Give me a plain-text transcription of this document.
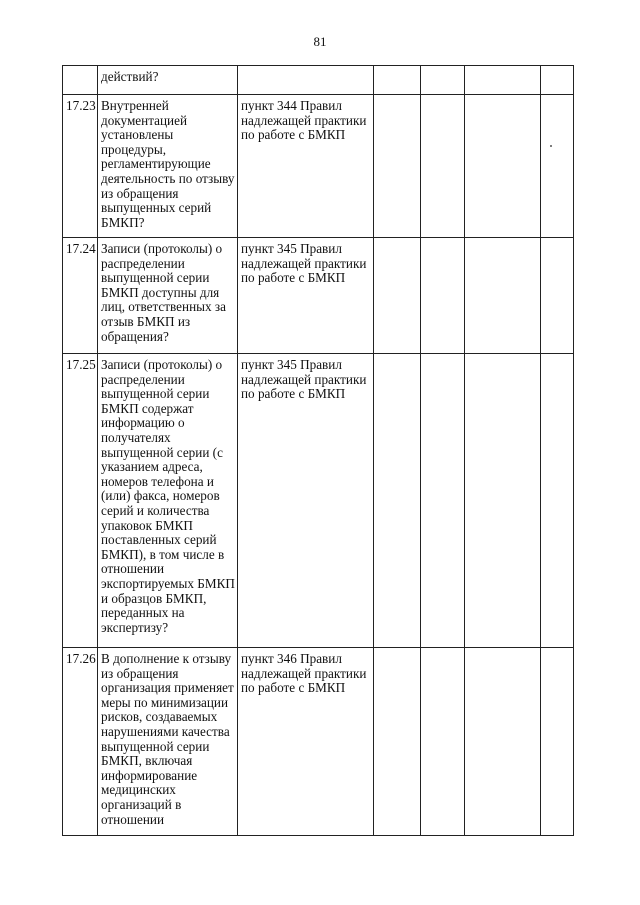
81
	действий?					
17.23	Внутренней документацией установлены процедуры, регламентирующие деятельность по отзыву из обращения выпущенных серий БМКП?	пункт 344 Правил надлежащей практики по работе с БМКП				
17.24	Записи (протоколы) о распределении выпущенной серии БМКП доступны для лиц, ответственных за отзыв БМКП из обращения?	пункт 345 Правил надлежащей практики по работе с БМКП				
17.25	Записи (протоколы) о распределении выпущенной серии БМКП содержат информацию о получателях выпущенной серии (с указанием адреса, номеров телефона и (или) факса, номеров серий и количества упаковок БМКП поставленных серий БМКП), в том числе в отношении экспортируемых БМКП и образцов БМКП, переданных на экспертизу?	пункт 345 Правил надлежащей практики по работе с БМКП				
17.26	В дополнение к отзыву из обращения организация применяет меры по минимизации рисков, создаваемых нарушениями качества выпущенной серии БМКП, включая информирование медицинских организаций в отношении	пункт 346 Правил надлежащей практики по работе с БМКП				
